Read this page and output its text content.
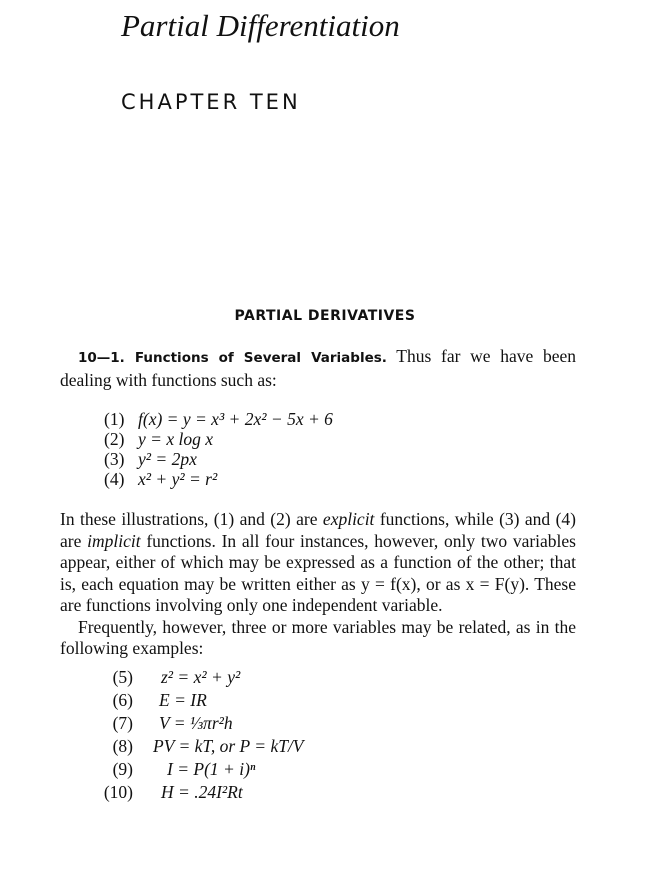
Partial Differentiation
CHAPTER TEN
PARTIAL DERIVATIVES

10—1. Functions of Several Variables. Thus far we have been dealing with functions such as:

(1) f(x) = y = x³ + 2x² − 5x + 6
(2) y = x log x
(3) y² = 2px
(4) x² + y² = r²

In these illustrations, (1) and (2) are explicit functions, while (3) and (4) are implicit functions. In all four instances, however, only two variables appear, either of which may be expressed as a function of the other; that is, each equation may be written either as y = f(x), or as x = F(y). These are functions involving only one independent variable.

Frequently, however, three or more variables may be related, as in the following examples:

(5)	z² = x² + y²
(6)	E = IR
(7)	V = ⅓πr²h
(8) PV = kT, or P = kT/V
(9)	I = P(1 + i)ⁿ
(10)	H = .24I²Rt
